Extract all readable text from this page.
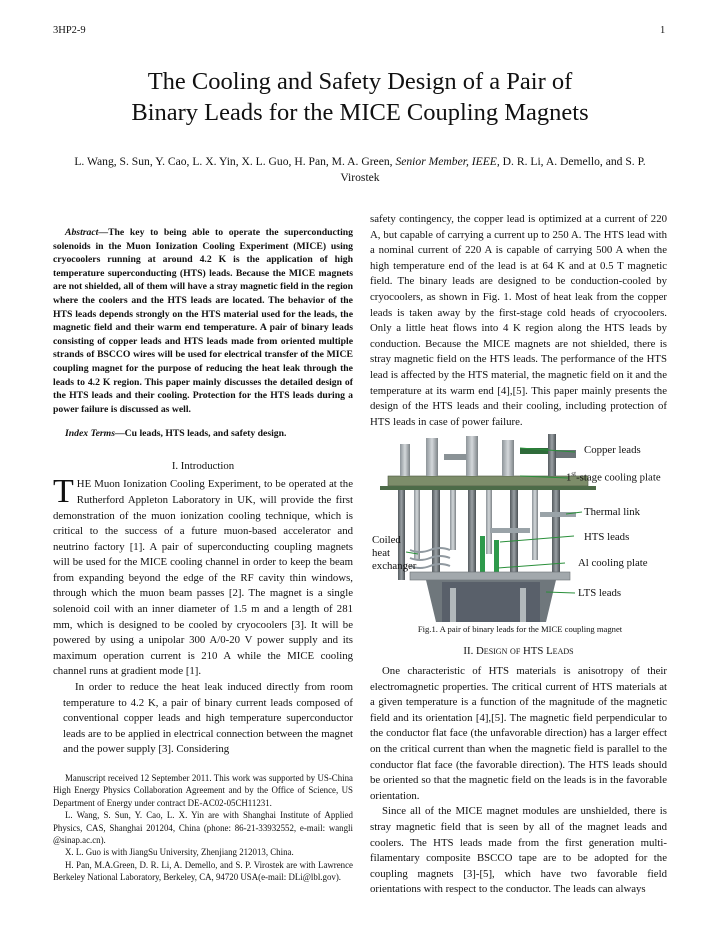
3HP2-9	1
The Cooling and Safety Design of a Pair of
Binary Leads for the MICE Coupling Magnets
L. Wang, S. Sun, Y. Cao, L. X. Yin, X. L. Guo, H. Pan, M. A. Green, Senior Member, IEEE, D. R. Li, A. Demello, and S. P. Virostek

Abstract—The key to being able to operate the superconducting solenoids in the Muon Ionization Cooling Experiment (MICE) using cryocoolers running at around 4.2 K is the application of high temperature superconducting (HTS) leads. Because the MICE magnets are not shielded, all of them will have a stray magnetic field in the region where the coolers and the HTS leads are located. The behavior of the HTS leads depends strongly on the HTS material used for the leads, the magnetic field and their warm end temperature. A pair of binary leads consisting of copper leads and HTS leads made from oriented multiple strands of BSCCO wires will be used for electrical transfer of the MICE coupling magnet for the purpose of reducing the heat leak through the leads to 4.2 K region. This paper mainly discusses the detailed design of the HTS leads and their cooling. Protection for the HTS leads during a power failure is discussed as well.

Index Terms—Cu leads, HTS leads, and safety design.

I. Introduction

THE Muon Ionization Cooling Experiment, to be operated at the Rutherford Appleton Laboratory in UK, will provide the first demonstration of the muon ionization cooling technique, which is critical to the success of a future muon-based accelerator and neutrino factory [1]. A pair of superconducting coupling magnets will be used for the MICE cooling channel in order to keep the beam from expanding beyond the edge of the RF cavity thin windows, through which the muon beam passes [2]. The magnet is a single solenoid coil with an inner diameter of 1.5 m and a length of 281 mm, which is designed to be cooled by cryocoolers [3]. It will be powered by using a unipolar 300 A/0-20 V power supply and its maximum operation current is 210 A while the MICE cooling channel runs at gradient mode [1].

In order to reduce the heat leak induced directly from room temperature to 4.2 K, a pair of binary current leads composed of conventional copper leads and high temperature superconductor leads are to be applied in electrical connection between the magnet and the power supply [3]. Considering

Manuscript received 12 September 2011. This work was supported by US-China High Energy Physics Collaboration Agreement and by the Office of Science, US Department of Energy under contract DE-AC02-05CH11231.

L. Wang, S. Sun, Y. Cao, L. X. Yin are with Shanghai Institute of Applied Physics, CAS, Shanghai 201204, China (phone: 86-21-33932552, e-mail: wangli @sinap.ac.cn).

X. L. Guo is with JiangSu University, Zhenjiang 212013, China.

H. Pan, M.A.Green, D. R. Li, A. Demello, and S. P. Virostek are with Lawrence Berkeley National Laboratory, Berkeley, CA, 94720 USA(e-mail: DLi@lbl.gov).

safety contingency, the copper lead is optimized at a current of 220 A, but capable of carrying a current up to 250 A. The HTS lead with a nominal current of 220 A is capable of carrying 500 A when the high temperature end of the lead is at 64 K and at 0.5 T magnetic field. The binary leads are designed to be conduction-cooled by cryocoolers, as shown in Fig. 1. Most of heat leak from the copper leads is taken away by the first-stage cold heads of cryocoolers. Only a little heat flows into 4 K region along the HTS leads by conduction. Because the MICE magnets are not shielded, there is stray magnetic field on the HTS leads. The performance of the HTS lead is affected by the HTS material, the magnetic field on it and the temperature at its warm end [4],[5]. This paper mainly presents the design of the HTS leads and their cooling, including protection of HTS leads in case of power failure.
Copper leads
1st-stage cooling plate
Thermal link
HTS leads
Coiled
heat
exchanger	Al cooling plate
LTS leads
Fig.1. A pair of binary leads for the MICE coupling magnet
II. Design of HTS Leads

One characteristic of HTS materials is anisotropy of their electromagnetic properties. The critical current of HTS materials at a given temperature is a function of the magnitude of the magnetic field and its orientation [4],[5]. The magnetic field perpendicular to the conductor flat face (the unfavorable direction) has a larger effect on the critical current than when the magnetic field is parallel to the conductor flat face (the favorable direction). The HTS leads should be oriented so that the magnetic field on the leads is in the favorable orientation.

Since all of the MICE magnet modules are unshielded, there is stray magnetic field that is seen by all of the magnet leads and coolers. The HTS leads made from the first generation multi-filamentary composite BSCCO tape are to be adopted for the coupling magnets [3]-[5], which have two favorable field orientations with respect to the conductor. The leads can always
